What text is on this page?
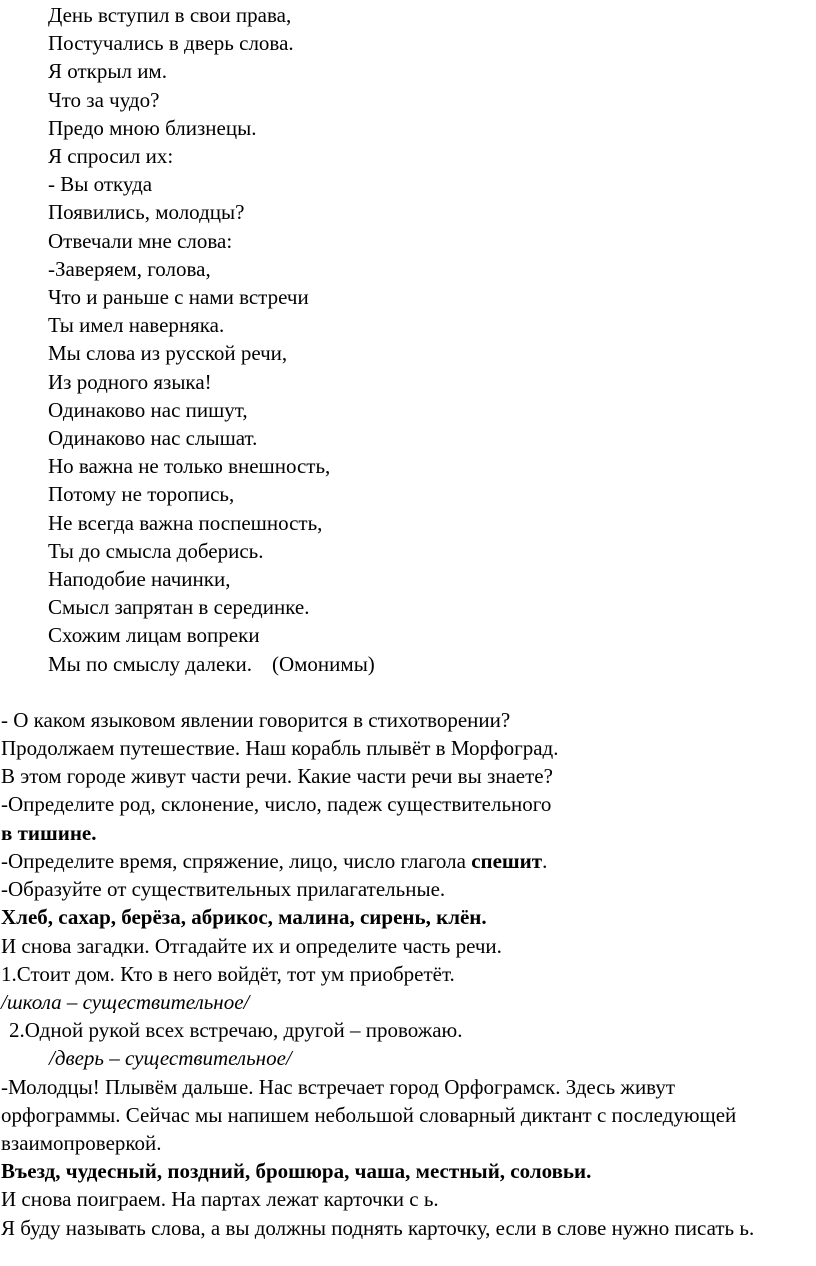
День вступил в свои права,

Постучались в дверь слова.

Я открыл им.

Что за чудо?

Предо мною близнецы.

Я спросил их:

- Вы откуда

Появились, молодцы?

Отвечали мне слова:

-Заверяем, голова,

Что и раньше с нами встречи

Ты имел наверняка.

Мы слова из русской речи,

Из родного языка!

Одинаково нас пишут,

Одинаково нас слышат.

Но важна не только внешность,

Потому не торопись,

Не всегда важна поспешность,

Ты до смысла доберись.

Наподобие начинки,

Смысл запрятан в серединке.

Схожим лицам вопреки

Мы по смыслу далеки. (Омонимы)

- О каком языковом явлении говорится в стихотворении?

Продолжаем путешествие. Наш корабль плывёт в Морфоград.

В этом городе живут части речи. Какие части речи вы знаете?

-Определите род, склонение, число, падеж существительного

в тишине.

-Определите время, спряжение, лицо, число глагола спешит.

-Образуйте от существительных прилагательные.

Хлеб, сахар, берёза, абрикос, малина, сирень, клён.

И снова загадки. Отгадайте их и определите часть речи.

1.Стоит дом. Кто в него войдёт, тот ум приобретёт.

/школа – существительное/

2.Одной рукой всех встречаю, другой – провожаю.

/дверь – существительное/

-Молодцы! Плывём дальше. Нас встречает город Орфограмск. Здесь живут орфограммы. Сейчас мы напишем небольшой словарный диктант с последующей взаимопроверкой.

Въезд, чудесный, поздний, брошюра, чаша, местный, соловьи.

И снова поиграем. На партах лежат карточки с ь.

Я буду называть слова, а вы должны поднять карточку, если в слове нужно писать ь.
